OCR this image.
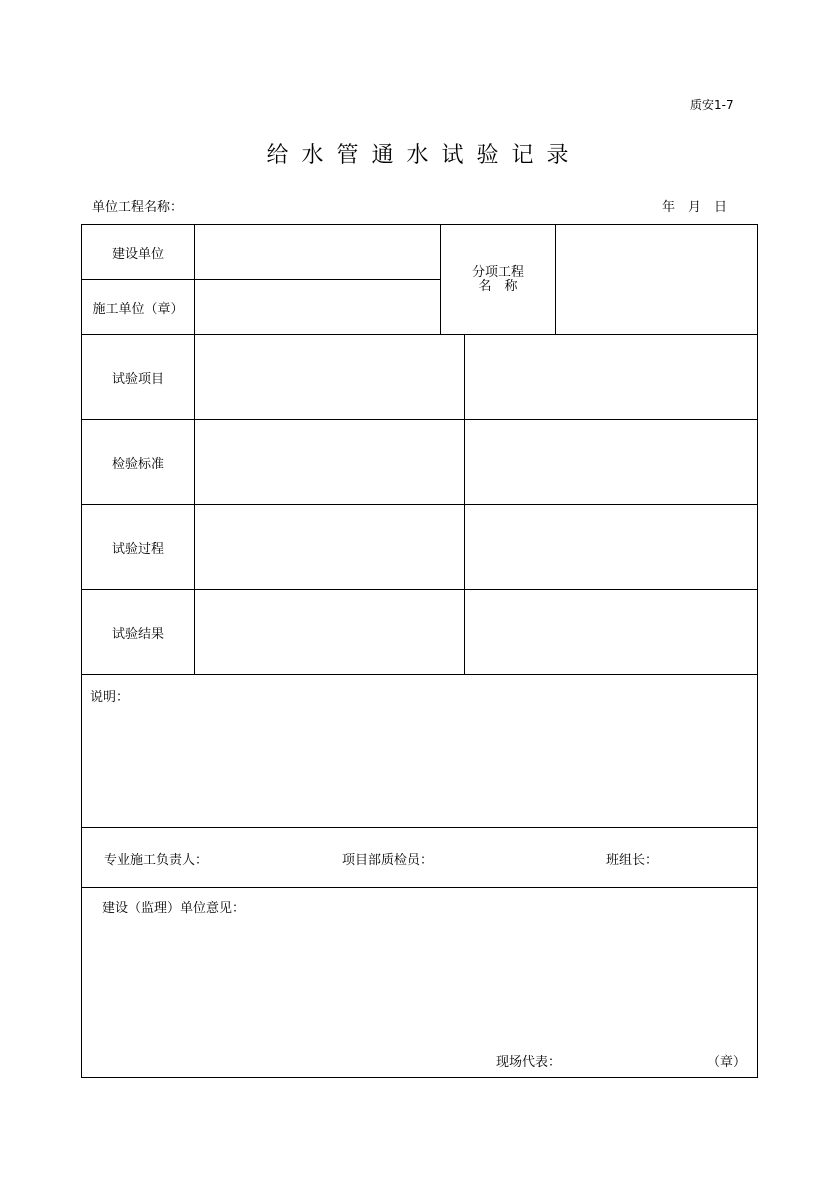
质安1-7
给水管通水试验记录
单位工程名称：	年　月　日
建设单位
施工单位（章）
分项工程
名　称
试验项目
检验标准
试验过程
试验结果
说明：
专业施工负责人：	项目部质检员：	班组长：
建设（监理）单位意见：
现场代表：	（章）
